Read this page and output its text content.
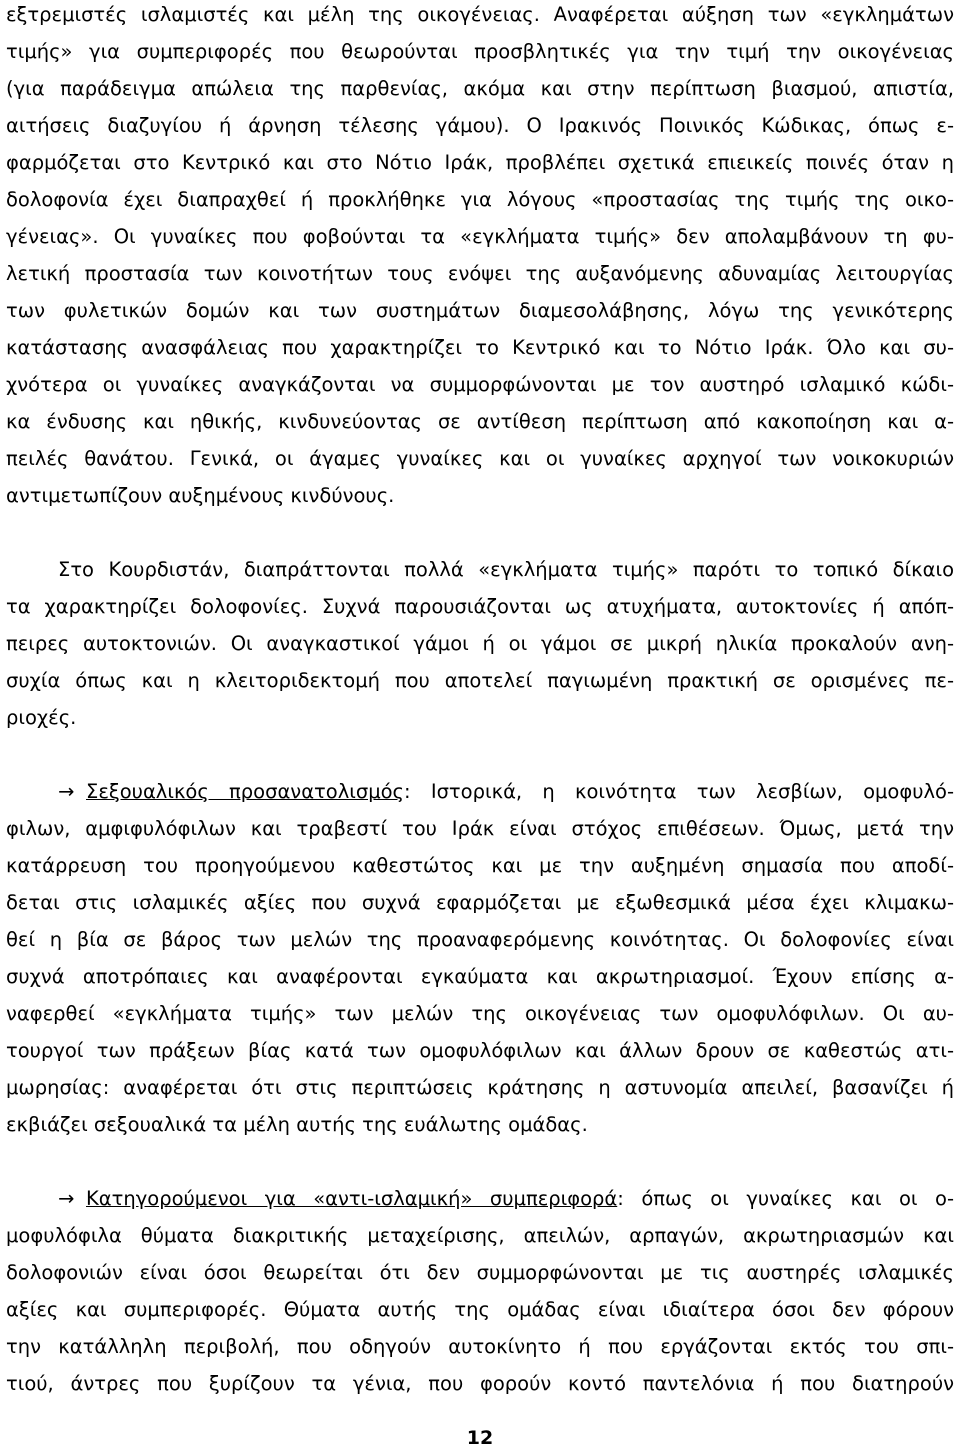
εξτρεμιστές ισλαμιστές και μέλη της οικογένειας. Αναφέρεται αύξηση των «εγκλημάτων
τιμής» για συμπεριφορές που θεωρούνται προσβλητικές για την τιμή την οικογένειας
(για παράδειγμα απώλεια της παρθενίας, ακόμα και στην περίπτωση βιασμού, απιστία,
αιτήσεις διαζυγίου ή άρνηση τέλεσης γάμου). Ο Ιρακινός Ποινικός Κώδικας, όπως ε-
φαρμόζεται στο Κεντρικό και στο Νότιο Ιράκ, προβλέπει σχετικά επιεικείς ποινές όταν η
δολοφονία έχει διαπραχθεί ή προκλήθηκε για λόγους «προστασίας της τιμής της οικο-
γένειας». Οι γυναίκες που φοβούνται τα «εγκλήματα τιμής» δεν απολαμβάνουν τη φυ-
λετική προστασία των κοινοτήτων τους ενόψει της αυξανόμενης αδυναμίας λειτουργίας
των φυλετικών δομών και των συστημάτων διαμεσολάβησης, λόγω της γενικότερης
κατάστασης ανασφάλειας που χαρακτηρίζει το Κεντρικό και το Νότιο Ιράκ. Όλο και συ-
χνότερα οι γυναίκες αναγκάζονται να συμμορφώνονται με τον αυστηρό ισλαμικό κώδι-
κα ένδυσης και ηθικής, κινδυνεύοντας σε αντίθεση περίπτωση από κακοποίηση και α-
πειλές θανάτου. Γενικά, οι άγαμες γυναίκες και οι γυναίκες αρχηγοί των νοικοκυριών
αντιμετωπίζουν αυξημένους κινδύνους.
Στο Κουρδιστάν, διαπράττονται πολλά «εγκλήματα τιμής» παρότι το τοπικό δίκαιο
τα χαρακτηρίζει δολοφονίες. Συχνά παρουσιάζονται ως ατυχήματα, αυτοκτονίες ή απόπ-
πειρες αυτοκτονιών. Οι αναγκαστικοί γάμοι ή οι γάμοι σε μικρή ηλικία προκαλούν ανη-
συχία όπως και η κλειτοριδεκτομή που αποτελεί παγιωμένη πρακτική σε ορισμένες πε-
ριοχές.
→ Σεξουαλικός προσανατολισμός: Ιστορικά, η κοινότητα των λεσβίων, ομοφυλό-
φιλων, αμφιφυλόφιλων και τραβεστί του Ιράκ είναι στόχος επιθέσεων. Όμως, μετά την
κατάρρευση του προηγούμενου καθεστώτος και με την αυξημένη σημασία που αποδί-
δεται στις ισλαμικές αξίες που συχνά εφαρμόζεται με εξωθεσμικά μέσα έχει κλιμακω-
θεί η βία σε βάρος των μελών της προαναφερόμενης κοινότητας. Οι δολοφονίες είναι
συχνά αποτρόπαιες και αναφέρονται εγκαύματα και ακρωτηριασμοί. Έχουν επίσης α-
ναφερθεί «εγκλήματα τιμής» των μελών της οικογένειας των ομοφυλόφιλων. Οι αυ-
τουργοί των πράξεων βίας κατά των ομοφυλόφιλων και άλλων δρουν σε καθεστώς ατι-
μωρησίας: αναφέρεται ότι στις περιπτώσεις κράτησης η αστυνομία απειλεί, βασανίζει ή
εκβιάζει σεξουαλικά τα μέλη αυτής της ευάλωτης ομάδας.
→ Κατηγορούμενοι για «αντι-ισλαμική» συμπεριφορά: όπως οι γυναίκες και οι ο-
μοφυλόφιλα θύματα διακριτικής μεταχείρισης, απειλών, αρπαγών, ακρωτηριασμών και
δολοφονιών είναι όσοι θεωρείται ότι δεν συμμορφώνονται με τις αυστηρές ισλαμικές
αξίες και συμπεριφορές. Θύματα αυτής της ομάδας είναι ιδιαίτερα όσοι δεν φόρουν
την κατάλληλη περιβολή, που οδηγούν αυτοκίνητο ή που εργάζονται εκτός του σπι-
τιού, άντρες που ξυρίζουν τα γένια, που φορούν κοντό παντελόνια ή που διατηρούν
12
